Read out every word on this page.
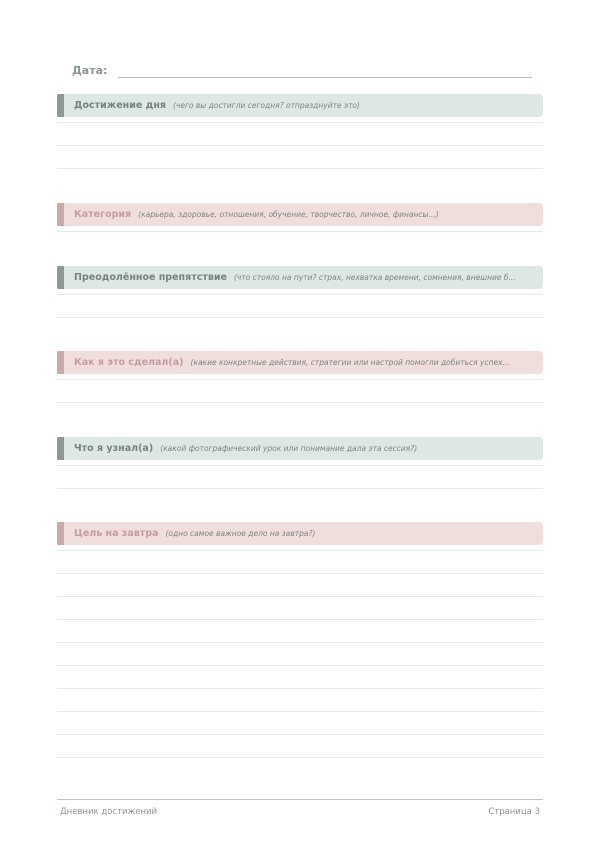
Дата:
Достижение дня (чего вы достигли сегодня? отпразднуйте это)
Категория (карьера, здоровье, отношения, обучение, творчество, личное, финансы...)
Преодолённое препятствие (что стояло на пути? страх, нехватка времени, сомнения, внешние б...
Как я это сделал(а) (какие конкретные действия, стратегии или настрой помогли добиться успех...
Что я узнал(а) (какой фотографический урок или понимание дала эта сессия?)
Цель на завтра (одно самое важное дело на завтра?)
Дневник достижений	Страница 3
